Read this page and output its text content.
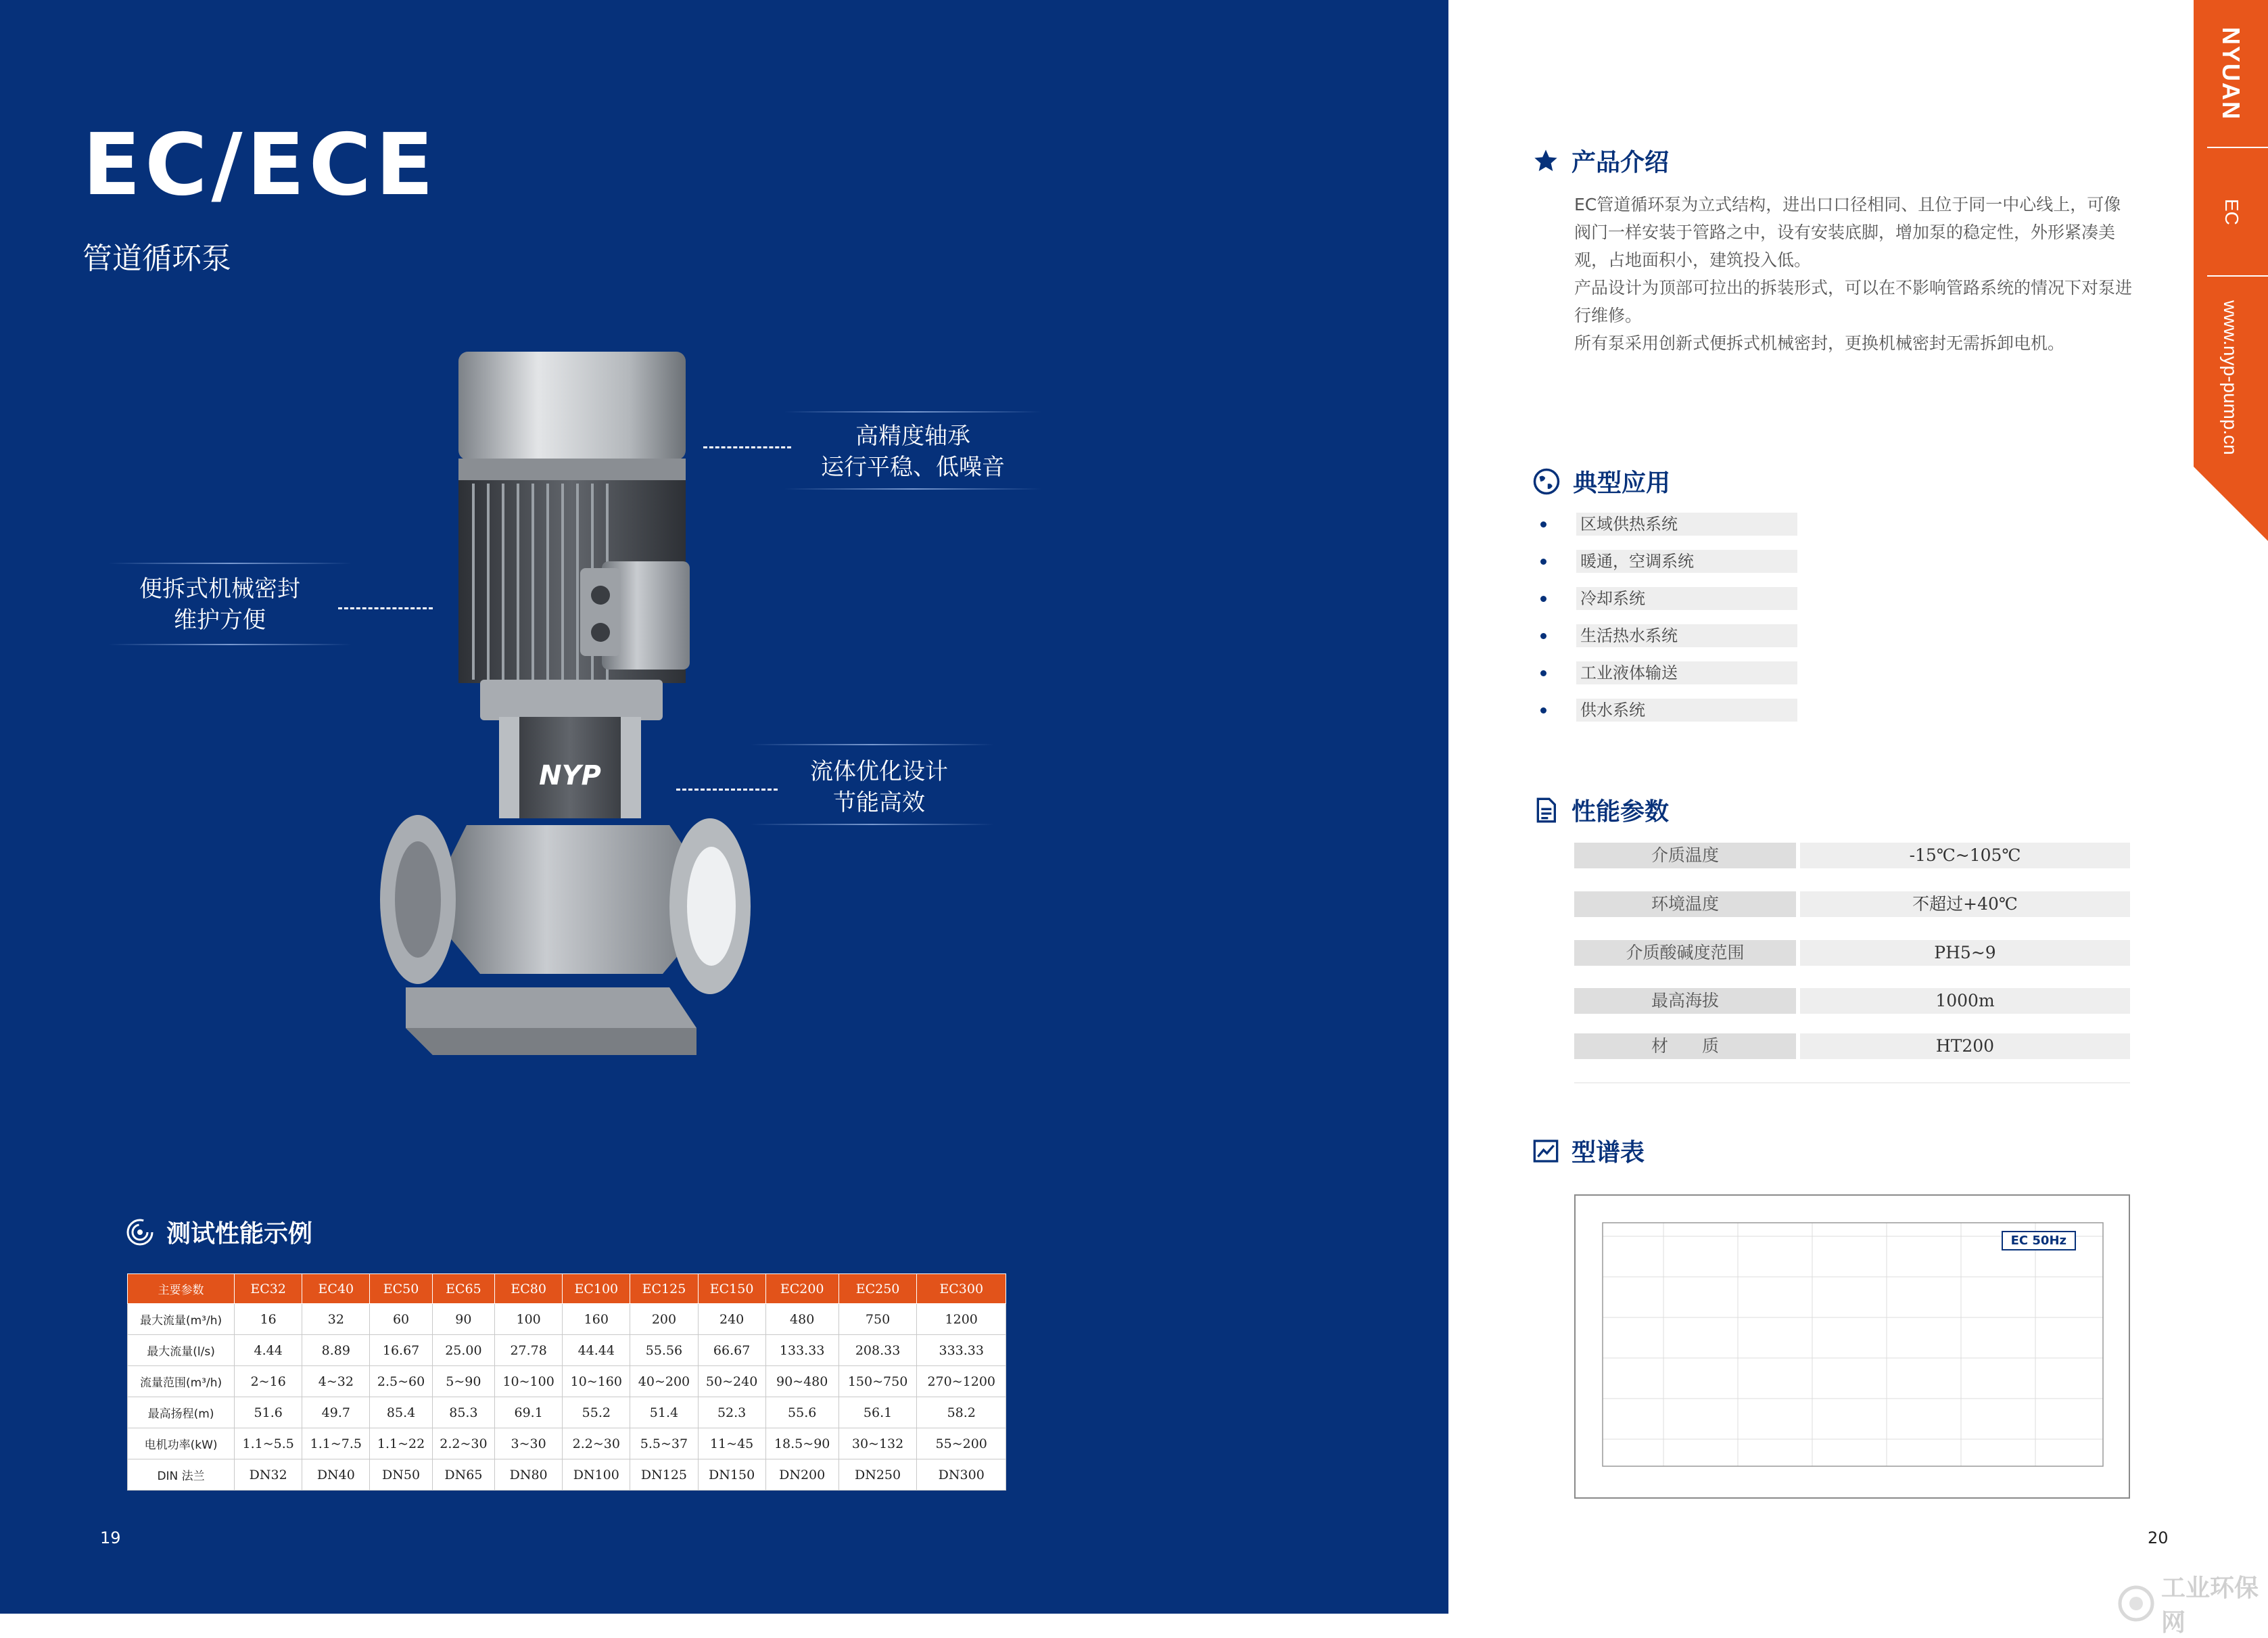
EC/ECE
管道循环泵
高精度轴承
运行平稳、低噪音
便拆式机械密封
维护方便
流体优化设计
节能高效
NYP
测试性能示例
主要参数	EC32	EC40	EC50	EC65	EC80	EC100	EC125	EC150	EC200	EC250	EC300
最大流量(m³/h)	16	32	60	90	100	160	200	240	480	750	1200
最大流量(l/s)	4.44	8.89	16.67	25.00	27.78	44.44	55.56	66.67	133.33	208.33	333.33
流量范围(m³/h)	2~16	4~32	2.5~60	5~90	10~100	10~160	40~200	50~240	90~480	150~750	270~1200
最高扬程(m)	51.6	49.7	85.4	85.3	69.1	55.2	51.4	52.3	55.6	56.1	58.2
电机功率(kW)	1.1~5.5	1.1~7.5	1.1~22	2.2~30	3~30	2.2~30	5.5~37	11~45	18.5~90	30~132	55~200
DIN 法兰	DN32	DN40	DN50	DN65	DN80	DN100	DN125	DN150	DN200	DN250	DN300
19
NYUAN
EC
www.nyp-pump.cn
产品介绍

EC管道循环泵为立式结构，进出口口径相同、且位于同一中心线上，可像阀门一样安装于管路之中，设有安装底脚，增加泵的稳定性，外形紧凑美观，占地面积小，建筑投入低。

产品设计为顶部可拉出的拆装形式，可以在不影响管路系统的情况下对泵进行维修。

所有泵采用创新式便拆式机械密封，更换机械密封无需拆卸电机。

典型应用
区域供热系统
暖通，空调系统
冷却系统
生活热水系统
工业液体输送
供水系统
性能参数
介质温度	-15℃~105℃
环境温度	不超过+40℃
介质酸碱度范围	PH5~9
最高海拔	1000m
材　　质	HT200
型谱表
EC 50Hz
20
工业环保网
